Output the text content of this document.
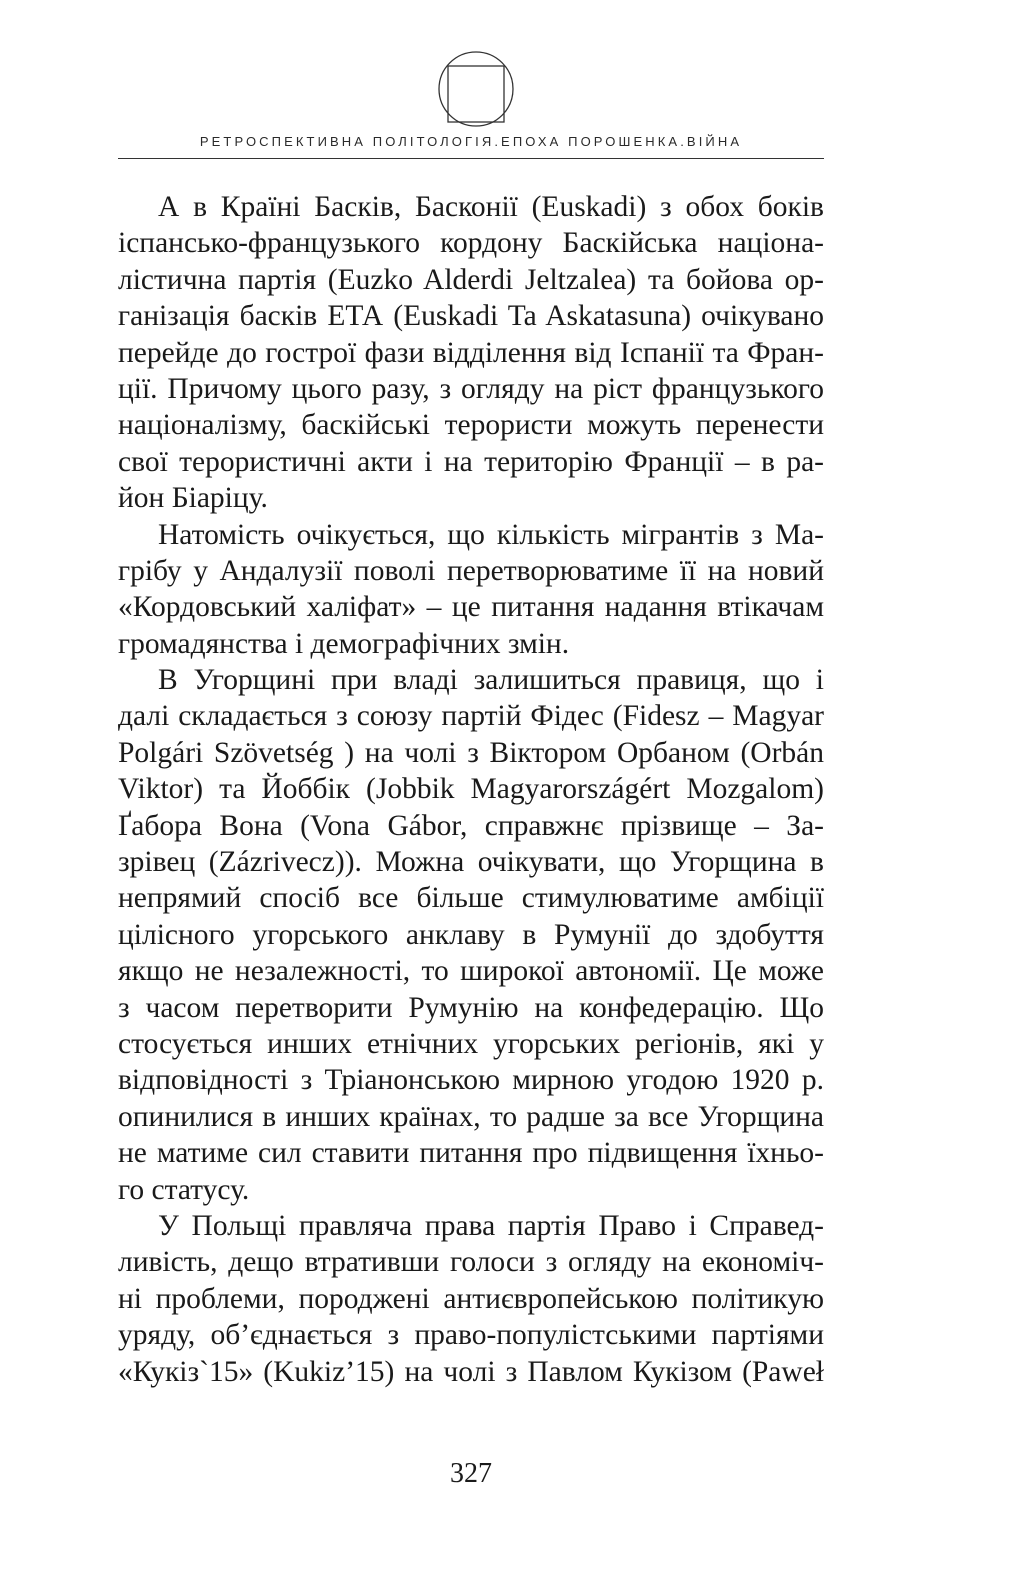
РЕТРОСПЕКТИВНА ПОЛІТОЛОГІЯ.ЕПОХА ПОРОШЕНКА.ВІЙНА
А в Країні Басків, Басконії (Euskadi) з обох боків
іспансько-французького кордону Баскійська націона-
лістична партія (Euzko Alderdi Jeltzalea) та бойова ор-
ганізація басків ЕТА (Euskadi Ta Askatasuna) очікувано
перейде до гострої фази відділення від Іспанії та Фран-
ції. Причому цього разу, з огляду на ріст французького
націоналізму, баскійські терористи можуть перенести
свої терористичні акти і на територію Франції – в ра-
йон Біаріцу.
Натомість очікується, що кількість мігрантів з Ма-
грібу у Андалузії поволі перетворюватиме її на новий
«Кордовський халіфат» – це питання надання втікачам
громадянства і демографічних змін.
В Угорщині при владі залишиться правиця, що і
далі складається з союзу партій Фідес (Fidesz – Magyar
Polgári Szövetség ) на чолі з Віктором Орбаном (Orbán
Viktor) та Йоббік (Jobbik Magyarországért Mozgalom)
Ґабора Вона (Vona Gábor, справжнє прізвище – За-
зрівец (Zázrivecz)). Можна очікувати, що Угорщина в
непрямий спосіб все більше стимулюватиме амбіції
цілісного угорського анклаву в Румунії до здобуття
якщо не незалежності, то широкої автономії. Це може
з часом перетворити Румунію на конфедерацію. Що
стосується инших етнічних угорських регіонів, які у
відповідності з Тріанонською мирною угодою 1920 р.
опинилися в инших країнах, то радше за все Угорщина
не матиме сил ставити питання про підвищення їхньо-
го статусу.
У Польщі правляча права партія Право і Справед-
ливість, дещо втративши голоси з огляду на економіч-
ні проблеми, породжені антиєвропейською політикую
уряду, об’єднається з право-популістськими партіями
«Кукіз`15» (Kukiz’15) на чолі з Павлом Кукізом (Paweł
327
